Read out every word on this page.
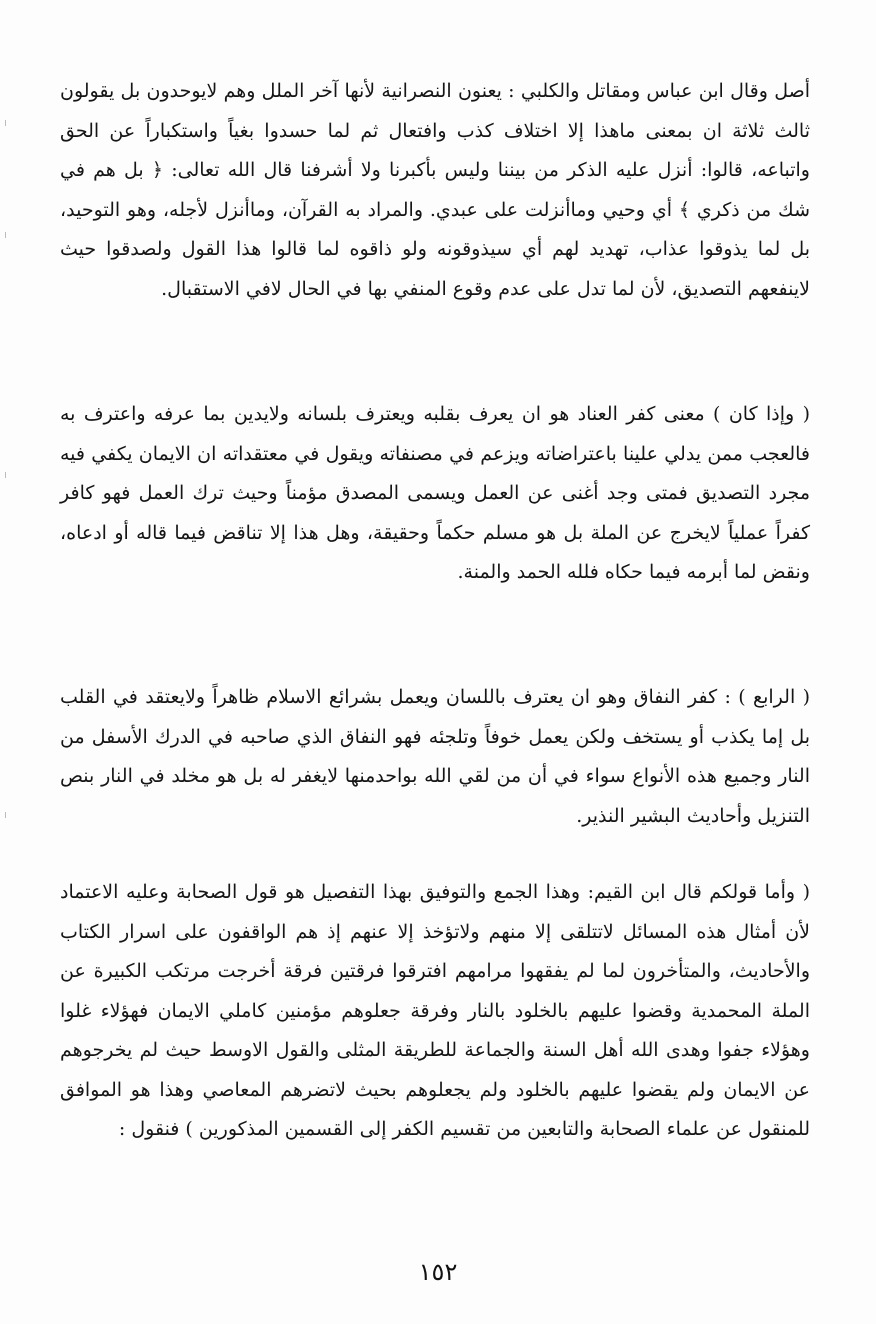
أصل وقال ابن عباس ومقاتل والكلبي : يعنون النصرانية لأنها آخر الملل وهم لايوحدون بل يقولون ثالث ثلاثة ان بمعنى ماهذا إلا اختلاف كذب وافتعال ثم لما حسدوا بغياً واستكباراً عن الحق واتباعه، قالوا: أنزل عليه الذكر من بيننا وليس بأكبرنا ولا أشرفنا قال الله تعالى: ﴿ بل هم في شك من ذكري ﴾ أي وحيي وماأنزلت على عبدي. والمراد به القرآن، وماأنزل لأجله، وهو التوحيد، بل لما يذوقوا عذاب، تهديد لهم أي سيذوقونه ولو ذاقوه لما قالوا هذا القول ولصدقوا حيث لاينفعهم التصديق، لأن لما تدل على عدم وقوع المنفي بها في الحال لافي الاستقبال.

( وإذا كان ) معنى كفر العناد هو ان يعرف بقلبه ويعترف بلسانه ولايدين بما عرفه واعترف به فالعجب ممن يدلي علينا باعتراضاته ويزعم في مصنفاته ويقول في معتقداته ان الايمان يكفي فيه مجرد التصديق فمتى وجد أغنى عن العمل ويسمى المصدق مؤمناً وحيث ترك العمل فهو كافر كفراً عملياً لايخرج عن الملة بل هو مسلم حكماً وحقيقة، وهل هذا إلا تناقض فيما قاله أو ادعاه، ونقض لما أبرمه فيما حكاه فلله الحمد والمنة.

( الرابع ) : كفر النفاق وهو ان يعترف باللسان ويعمل بشرائع الاسلام ظاهراً ولايعتقد في القلب بل إما يكذب أو يستخف ولكن يعمل خوفاً وتلجئه فهو النفاق الذي صاحبه في الدرك الأسفل من النار وجميع هذه الأنواع سواء في أن من لقي الله بواحدمنها لايغفر له بل هو مخلد في النار بنص التنزيل وأحاديث البشير النذير.

( وأما قولكم قال ابن القيم: وهذا الجمع والتوفيق بهذا التفصيل هو قول الصحابة وعليه الاعتماد لأن أمثال هذه المسائل لاتتلقى إلا منهم ولاتؤخذ إلا عنهم إذ هم الواقفون على اسرار الكتاب والأحاديث، والمتأخرون لما لم يفقهوا مرامهم افترقوا فرقتين فرقة أخرجت مرتكب الكبيرة عن الملة المحمدية وقضوا عليهم بالخلود بالنار وفرقة جعلوهم مؤمنين كاملي الايمان فهؤلاء غلوا وهؤلاء جفوا وهدى الله أهل السنة والجماعة للطريقة المثلى والقول الاوسط حيث لم يخرجوهم عن الايمان ولم يقضوا عليهم بالخلود ولم يجعلوهم بحيث لاتضرهم المعاصي وهذا هو الموافق للمنقول عن علماء الصحابة والتابعين من تقسيم الكفر إلى القسمين المذكورين ) فنقول :

١٥٢
